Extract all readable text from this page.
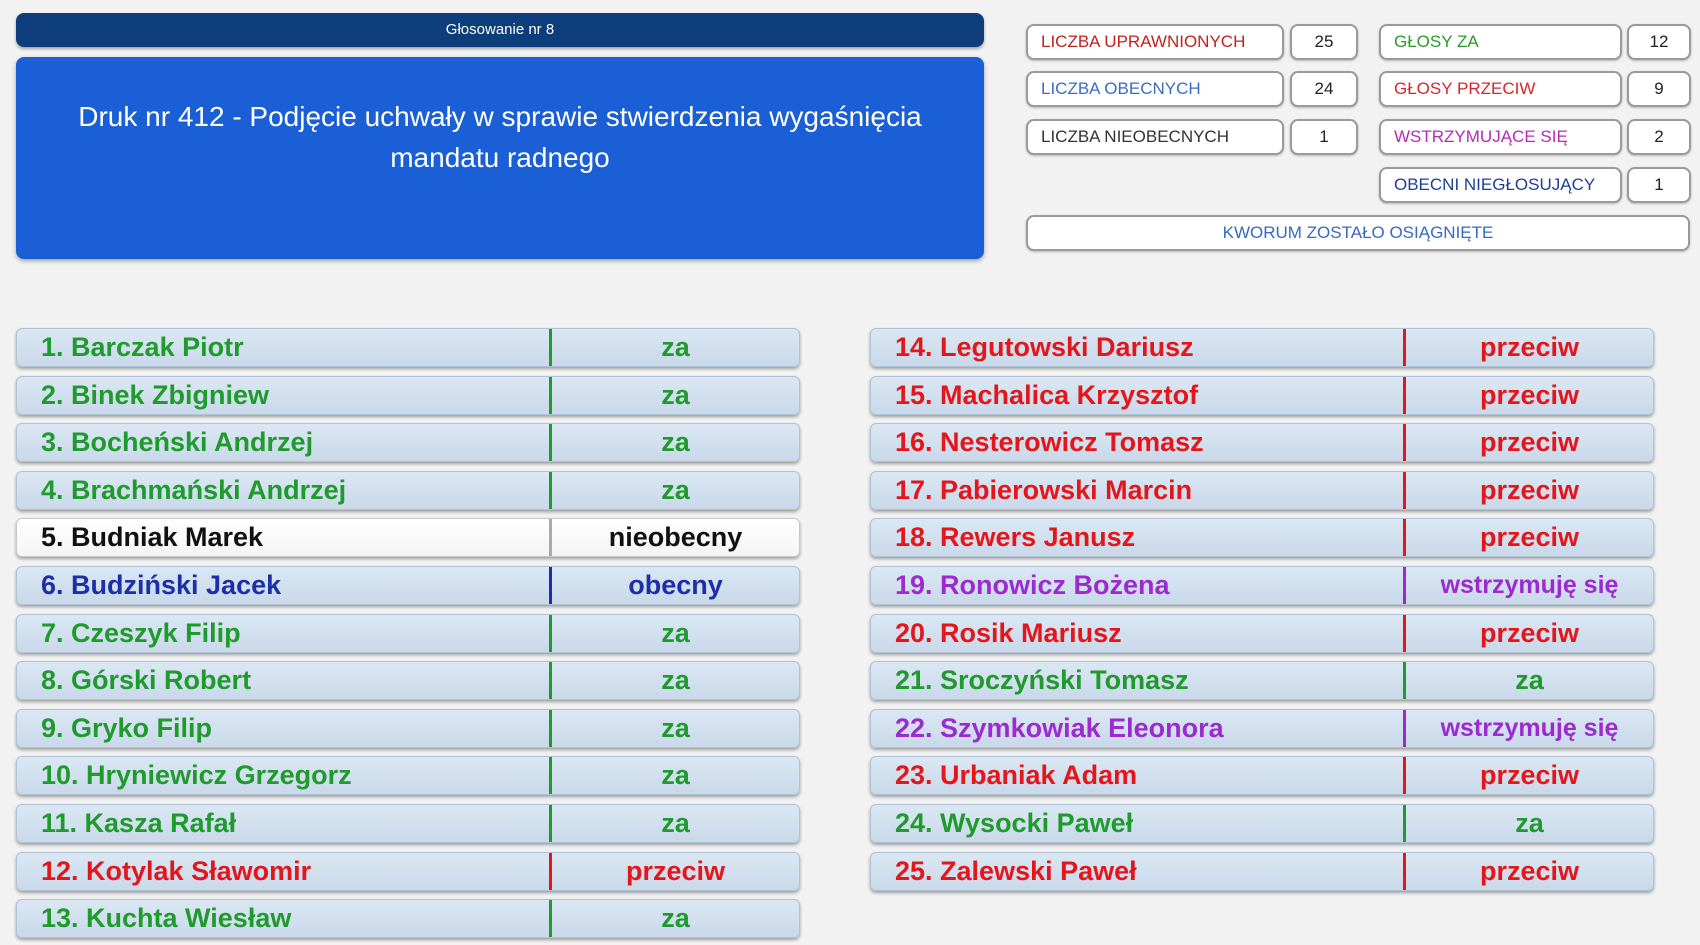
Głosowanie nr 8
Druk nr 412 - Podjęcie uchwały w sprawie stwierdzenia wygaśnięcia
mandatu radnego
LICZBA UPRAWNIONYCH	25
LICZBA OBECNYCH	24
LICZBA NIEOBECNYCH	1
GŁOSY ZA	12
GŁOSY PRZECIW	9
WSTRZYMUJĄCE SIĘ	2
OBECNI NIEGŁOSUJĄCY	1
KWORUM ZOSTAŁO OSIĄGNIĘTE
1. Barczak Piotr	za
2. Binek Zbigniew	za
3. Bocheński Andrzej	za
4. Brachmański Andrzej	za
5. Budniak Marek	nieobecny
6. Budziński Jacek	obecny
7. Czeszyk Filip	za
8. Górski Robert	za
9. Gryko Filip	za
10. Hryniewicz Grzegorz	za
11. Kasza Rafał	za
12. Kotylak Sławomir	przeciw
13. Kuchta Wiesław	za
14. Legutowski Dariusz	przeciw
15. Machalica Krzysztof	przeciw
16. Nesterowicz Tomasz	przeciw
17. Pabierowski Marcin	przeciw
18. Rewers Janusz	przeciw
19. Ronowicz Bożena	wstrzymuję się
20. Rosik Mariusz	przeciw
21. Sroczyński Tomasz	za
22. Szymkowiak Eleonora	wstrzymuję się
23. Urbaniak Adam	przeciw
24. Wysocki Paweł	za
25. Zalewski Paweł	przeciw
